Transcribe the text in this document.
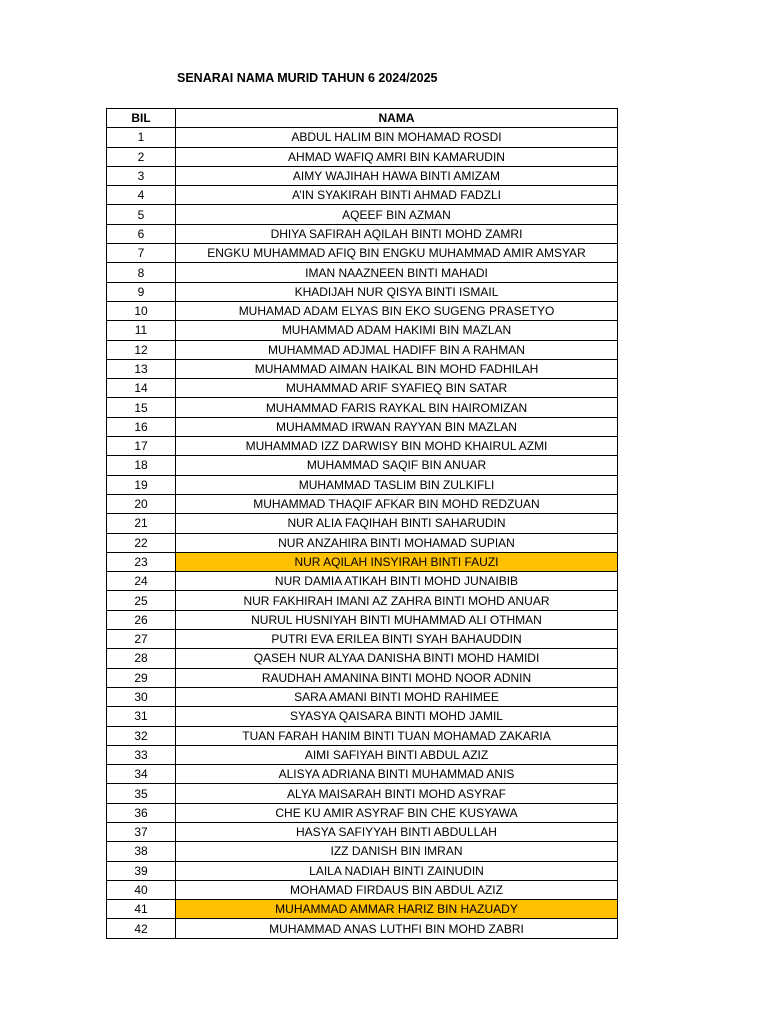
SENARAI NAMA MURID TAHUN 6 2024/2025
BIL	NAMA
1	ABDUL HALIM BIN MOHAMAD ROSDI
2	AHMAD WAFIQ AMRI BIN KAMARUDIN
3	AIMY WAJIHAH HAWA BINTI AMIZAM
4	A’IN SYAKIRAH BINTI AHMAD FADZLI
5	AQEEF BIN AZMAN
6	DHIYA SAFIRAH AQILAH BINTI MOHD ZAMRI
7	ENGKU MUHAMMAD AFIQ BIN ENGKU MUHAMMAD AMIR AMSYAR
8	IMAN NAAZNEEN BINTI MAHADI
9	KHADIJAH NUR QISYA BINTI ISMAIL
10	MUHAMAD ADAM ELYAS BIN EKO SUGENG PRASETYO
11	MUHAMMAD ADAM HAKIMI BIN MAZLAN
12	MUHAMMAD ADJMAL HADIFF BIN A RAHMAN
13	MUHAMMAD AIMAN HAIKAL BIN MOHD FADHILAH
14	MUHAMMAD ARIF SYAFIEQ BIN SATAR
15	MUHAMMAD FARIS RAYKAL BIN HAIROMIZAN
16	MUHAMMAD IRWAN RAYYAN BIN MAZLAN
17	MUHAMMAD IZZ DARWISY BIN MOHD KHAIRUL AZMI
18	MUHAMMAD SAQIF BIN ANUAR
19	MUHAMMAD TASLIM BIN ZULKIFLI
20	MUHAMMAD THAQIF AFKAR BIN MOHD REDZUAN
21	NUR ALIA FAQIHAH BINTI SAHARUDIN
22	NUR ANZAHIRA BINTI MOHAMAD SUPIAN
23	NUR AQILAH INSYIRAH BINTI FAUZI
24	NUR DAMIA ATIKAH BINTI MOHD JUNAIBIB
25	NUR FAKHIRAH IMANI AZ ZAHRA BINTI MOHD ANUAR
26	NURUL HUSNIYAH BINTI MUHAMMAD ALI OTHMAN
27	PUTRI EVA ERILEA BINTI SYAH BAHAUDDIN
28	QASEH NUR ALYAA DANISHA BINTI MOHD HAMIDI
29	RAUDHAH AMANINA BINTI MOHD NOOR ADNIN
30	SARA AMANI BINTI MOHD RAHIMEE
31	SYASYA QAISARA BINTI MOHD JAMIL
32	TUAN FARAH HANIM BINTI TUAN MOHAMAD ZAKARIA
33	AIMI SAFIYAH BINTI ABDUL AZIZ
34	ALISYA ADRIANA BINTI MUHAMMAD ANIS
35	ALYA MAISARAH BINTI MOHD ASYRAF
36	CHE KU AMIR ASYRAF BIN CHE KUSYAWA
37	HASYA SAFIYYAH BINTI ABDULLAH
38	IZZ DANISH BIN IMRAN
39	LAILA NADIAH BINTI ZAINUDIN
40	MOHAMAD FIRDAUS BIN ABDUL AZIZ
41	MUHAMMAD AMMAR HARIZ BIN HAZUADY
42	MUHAMMAD ANAS LUTHFI BIN MOHD ZABRI
